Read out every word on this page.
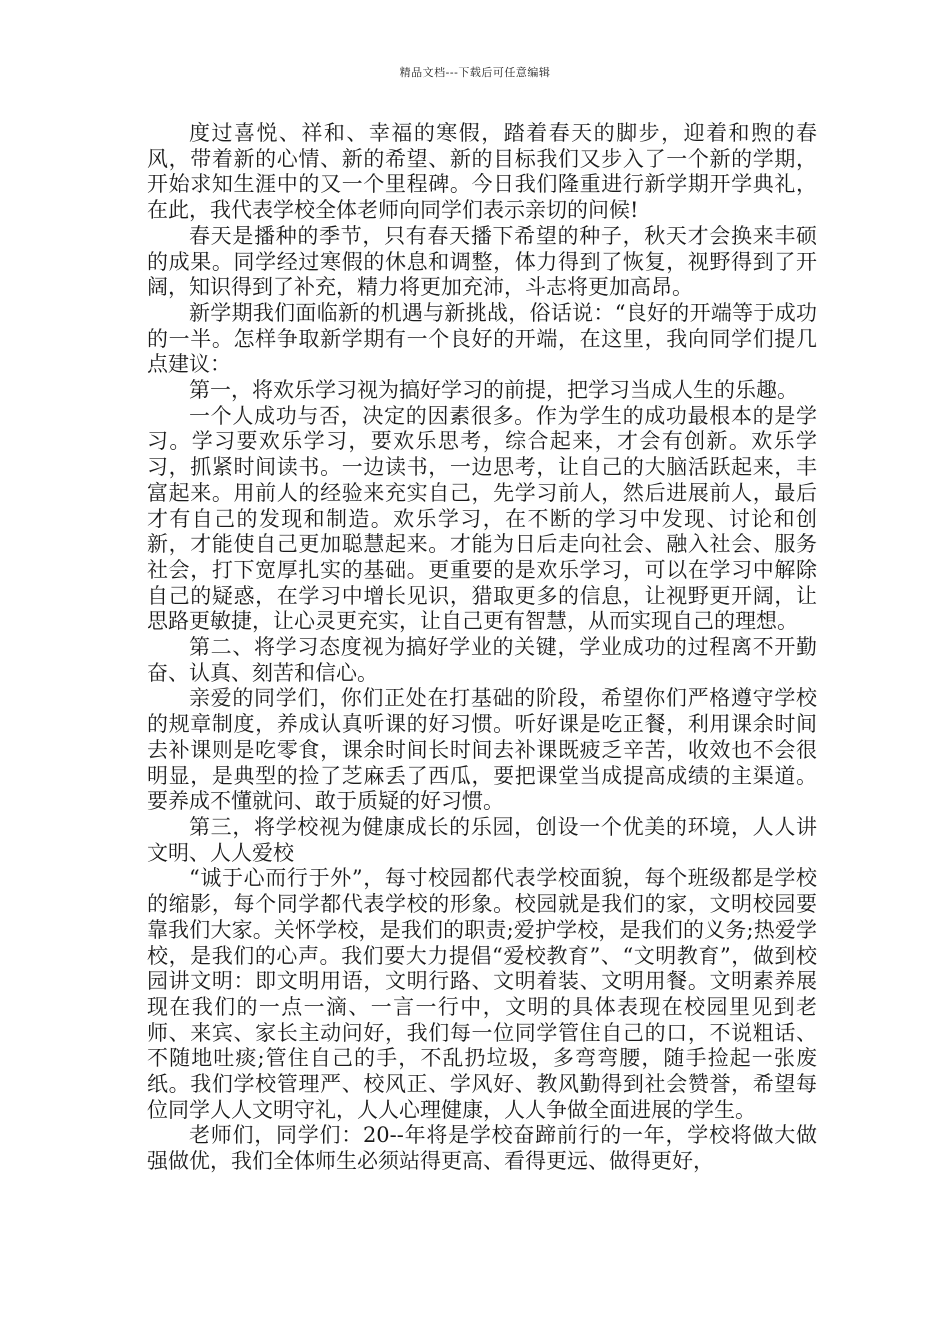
精品文档---下载后可任意编辑

度过喜悦、祥和、幸福的寒假，踏着春天的脚步，迎着和煦的春风，带着新的心情、新的希望、新的目标我们又步入了一个新的学期，开始求知生涯中的又一个里程碑。今日我们隆重进行新学期开学典礼，在此，我代表学校全体老师向同学们表示亲切的问候!

春天是播种的季节，只有春天播下希望的种子，秋天才会换来丰硕的成果。同学经过寒假的休息和调整，体力得到了恢复，视野得到了开阔，知识得到了补充，精力将更加充沛，斗志将更加高昂。

新学期我们面临新的机遇与新挑战，俗话说：“良好的开端等于成功的一半。怎样争取新学期有一个良好的开端，在这里，我向同学们提几点建议：

第一，将欢乐学习视为搞好学习的前提，把学习当成人生的乐趣。

一个人成功与否，决定的因素很多。作为学生的成功最根本的是学习。学习要欢乐学习，要欢乐思考，综合起来，才会有创新。欢乐学习，抓紧时间读书。一边读书，一边思考，让自己的大脑活跃起来，丰富起来。用前人的经验来充实自己，先学习前人，然后进展前人，最后才有自己的发现和制造。欢乐学习，在不断的学习中发现、讨论和创新，才能使自己更加聪慧起来。才能为日后走向社会、融入社会、服务社会，打下宽厚扎实的基础。更重要的是欢乐学习，可以在学习中解除自己的疑惑，在学习中增长见识，猎取更多的信息，让视野更开阔，让思路更敏捷，让心灵更充实，让自己更有智慧，从而实现自己的理想。

第二、将学习态度视为搞好学业的关键，学业成功的过程离不开勤奋、认真、刻苦和信心。

亲爱的同学们，你们正处在打基础的阶段，希望你们严格遵守学校的规章制度，养成认真听课的好习惯。听好课是吃正餐，利用课余时间去补课则是吃零食，课余时间长时间去补课既疲乏辛苦，收效也不会很明显，是典型的捡了芝麻丢了西瓜，要把课堂当成提高成绩的主渠道。要养成不懂就问、敢于质疑的好习惯。

第三，将学校视为健康成长的乐园，创设一个优美的环境，人人讲文明、人人爱校

“诚于心而行于外”，每寸校园都代表学校面貌，每个班级都是学校的缩影，每个同学都代表学校的形象。校园就是我们的家，文明校园要靠我们大家。关怀学校，是我们的职责;爱护学校，是我们的义务;热爱学校，是我们的心声。我们要大力提倡“爱校教育”、“文明教育”，做到校园讲文明：即文明用语，文明行路、文明着装、文明用餐。文明素养展现在我们的一点一滴、一言一行中，文明的具体表现在校园里见到老师、来宾、家长主动问好，我们每一位同学管住自己的口，不说粗话、不随地吐痰;管住自己的手，不乱扔垃圾，多弯弯腰，随手捡起一张废纸。我们学校管理严、校风正、学风好、教风勤得到社会赞誉，希望每位同学人人文明守礼，人人心理健康，人人争做全面进展的学生。

老师们，同学们：20--年将是学校奋蹄前行的一年，学校将做大做强做优，我们全体师生必须站得更高、看得更远、做得更好，
